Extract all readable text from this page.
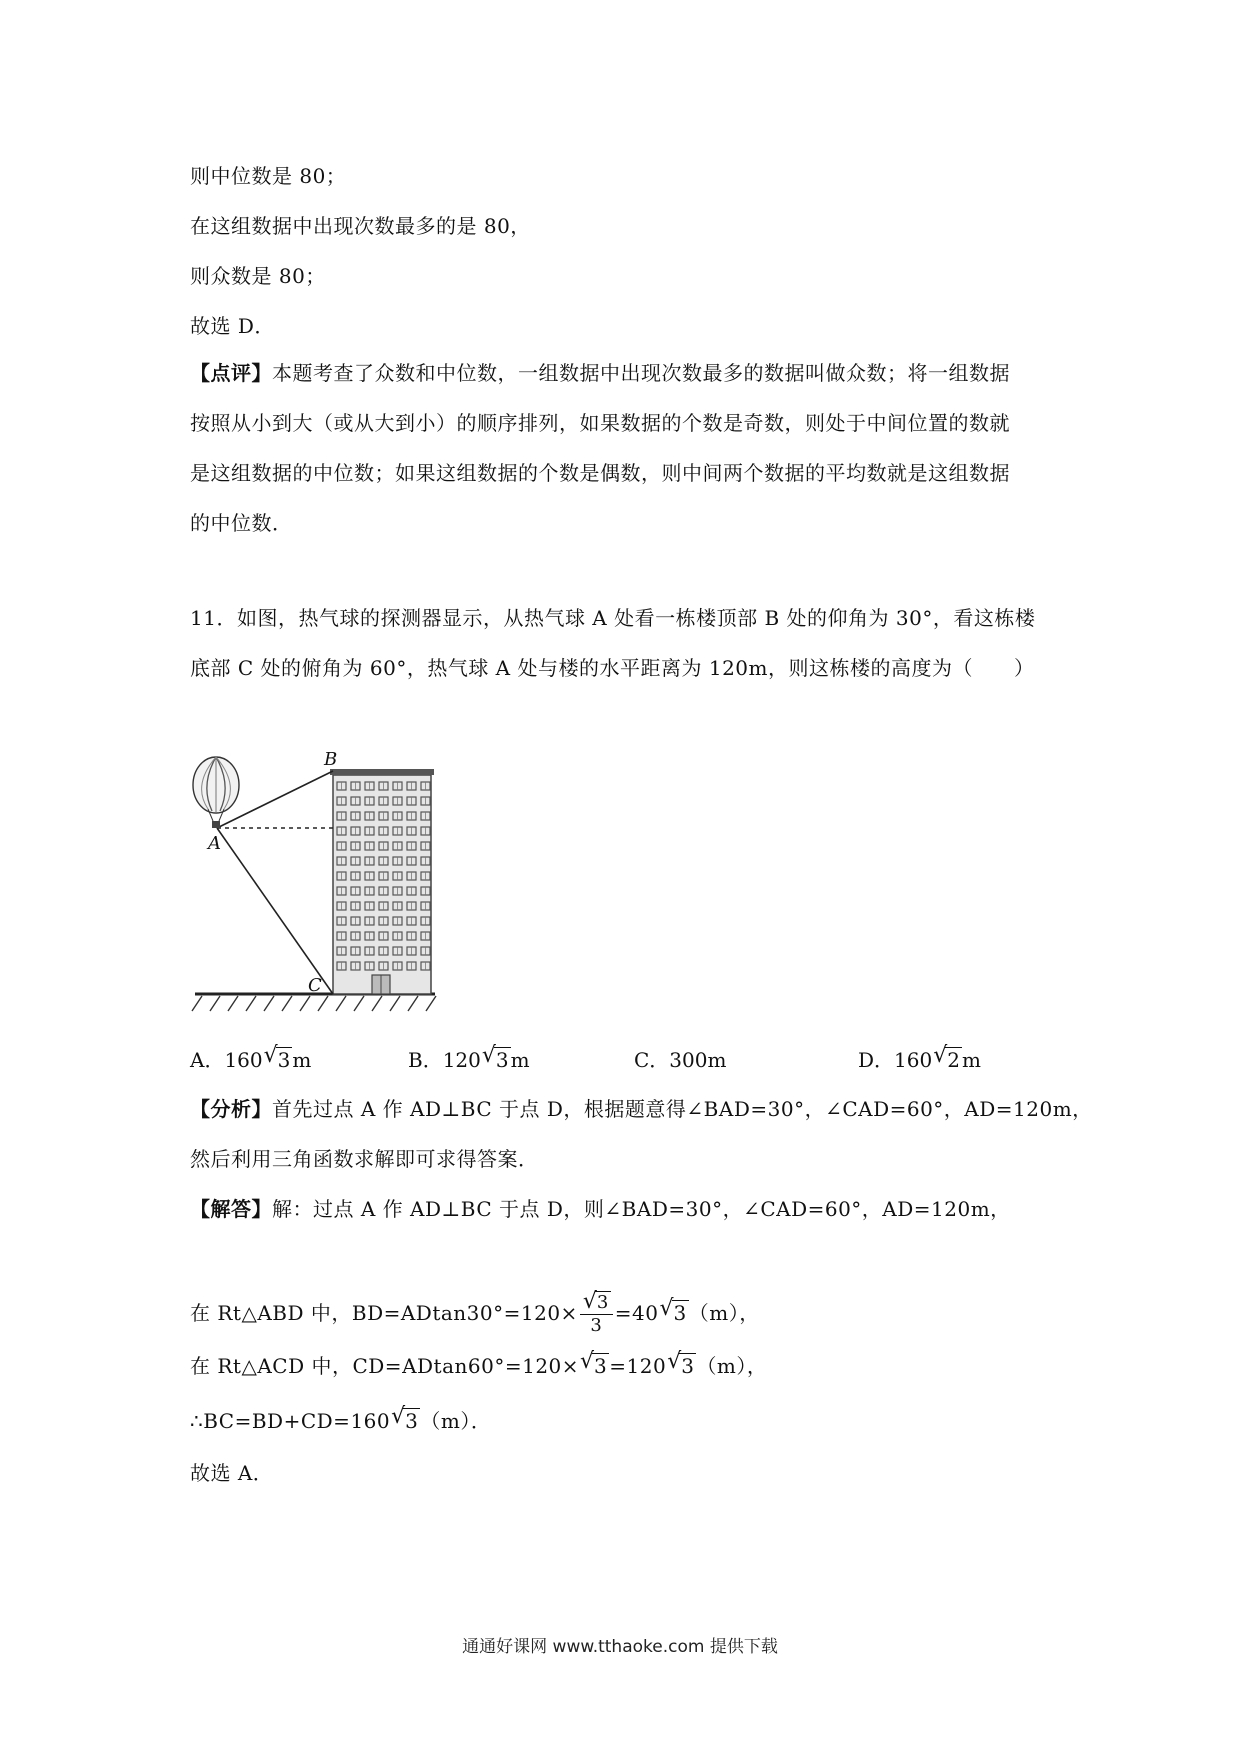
则中位数是 80；
在这组数据中出现次数最多的是 80，
则众数是 80；
故选 D．
【点评】本题考查了众数和中位数，一组数据中出现次数最多的数据叫做众数；将一组数据
按照从小到大（或从大到小）的顺序排列，如果数据的个数是奇数，则处于中间位置的数就
是这组数据的中位数；如果这组数据的个数是偶数，则中间两个数据的平均数就是这组数据
的中位数．
11．如图，热气球的探测器显示，从热气球 A 处看一栋楼顶部 B 处的仰角为 30°，看这栋楼
底部 C 处的俯角为 60°，热气球 A 处与楼的水平距离为 120m，则这栋楼的高度为（　　）
B
A
C
A．160√ 3 m	B．120√ 3 m	C．300m	D．160√ 2 m
【分析】首先过点 A 作 AD⊥BC 于点 D，根据题意得∠BAD=30°，∠CAD=60°，AD=120m，
然后利用三角函数求解即可求得答案．
【解答】解：过点 A 作 AD⊥BC 于点 D，则∠BAD=30°，∠CAD=60°，AD=120m，
在 Rt△ABD 中，BD=ADtan30°=120×
√ $\frac{3}{3} =40√$ 3 （m），
在 Rt△ACD 中，CD=ADtan60°=120×√ 3 =120√ 3 （m），
∴BC=BD+CD=160√ 3 （m）．
故选 A．
通通好课网 www.tthaoke.com 提供下载
